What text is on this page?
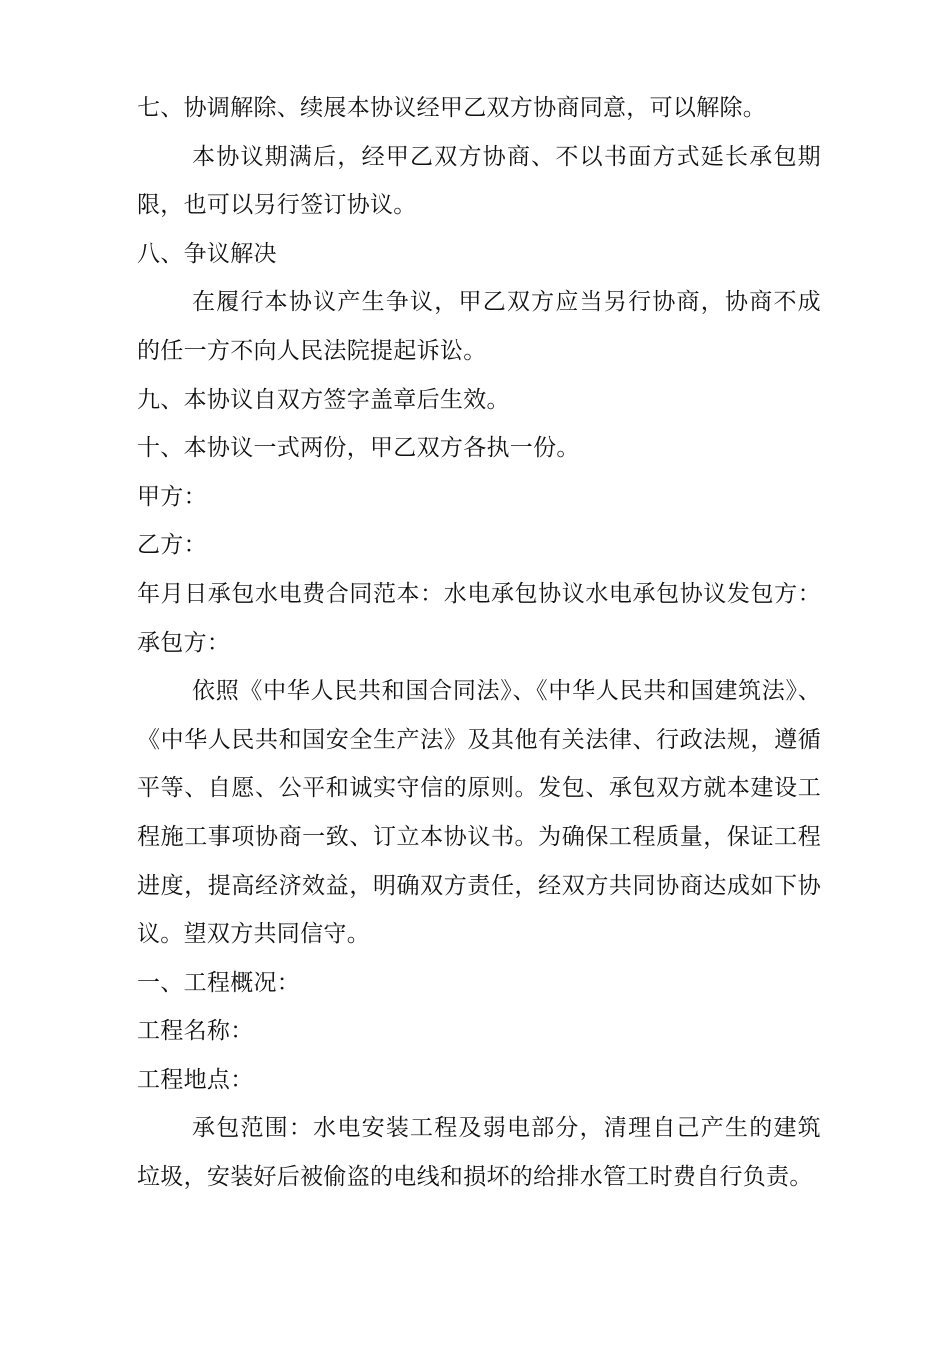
七、协调解除、续展本协议经甲乙双方协商同意，可以解除。

本协议期满后，经甲乙双方协商、不以书面方式延长承包期限，也可以另行签订协议。

八、争议解决

在履行本协议产生争议，甲乙双方应当另行协商，协商不成的任一方不向人民法院提起诉讼。

九、本协议自双方签字盖章后生效。

十、本协议一式两份，甲乙双方各执一份。

甲方：

乙方：

年月日承包水电费合同范本：水电承包协议水电承包协议发包方：承包方：

依照《中华人民共和国合同法》、《中华人民共和国建筑法》、《中华人民共和国安全生产法》及其他有关法律、行政法规，遵循平等、自愿、公平和诚实守信的原则。发包、承包双方就本建设工程施工事项协商一致、订立本协议书。为确保工程质量，保证工程进度，提高经济效益，明确双方责任，经双方共同协商达成如下协议。望双方共同信守。

一、工程概况：

工程名称：

工程地点：

承包范围：水电安装工程及弱电部分，清理自己产生的建筑垃圾，安装好后被偷盗的电线和损坏的给排水管工时费自行负责。
